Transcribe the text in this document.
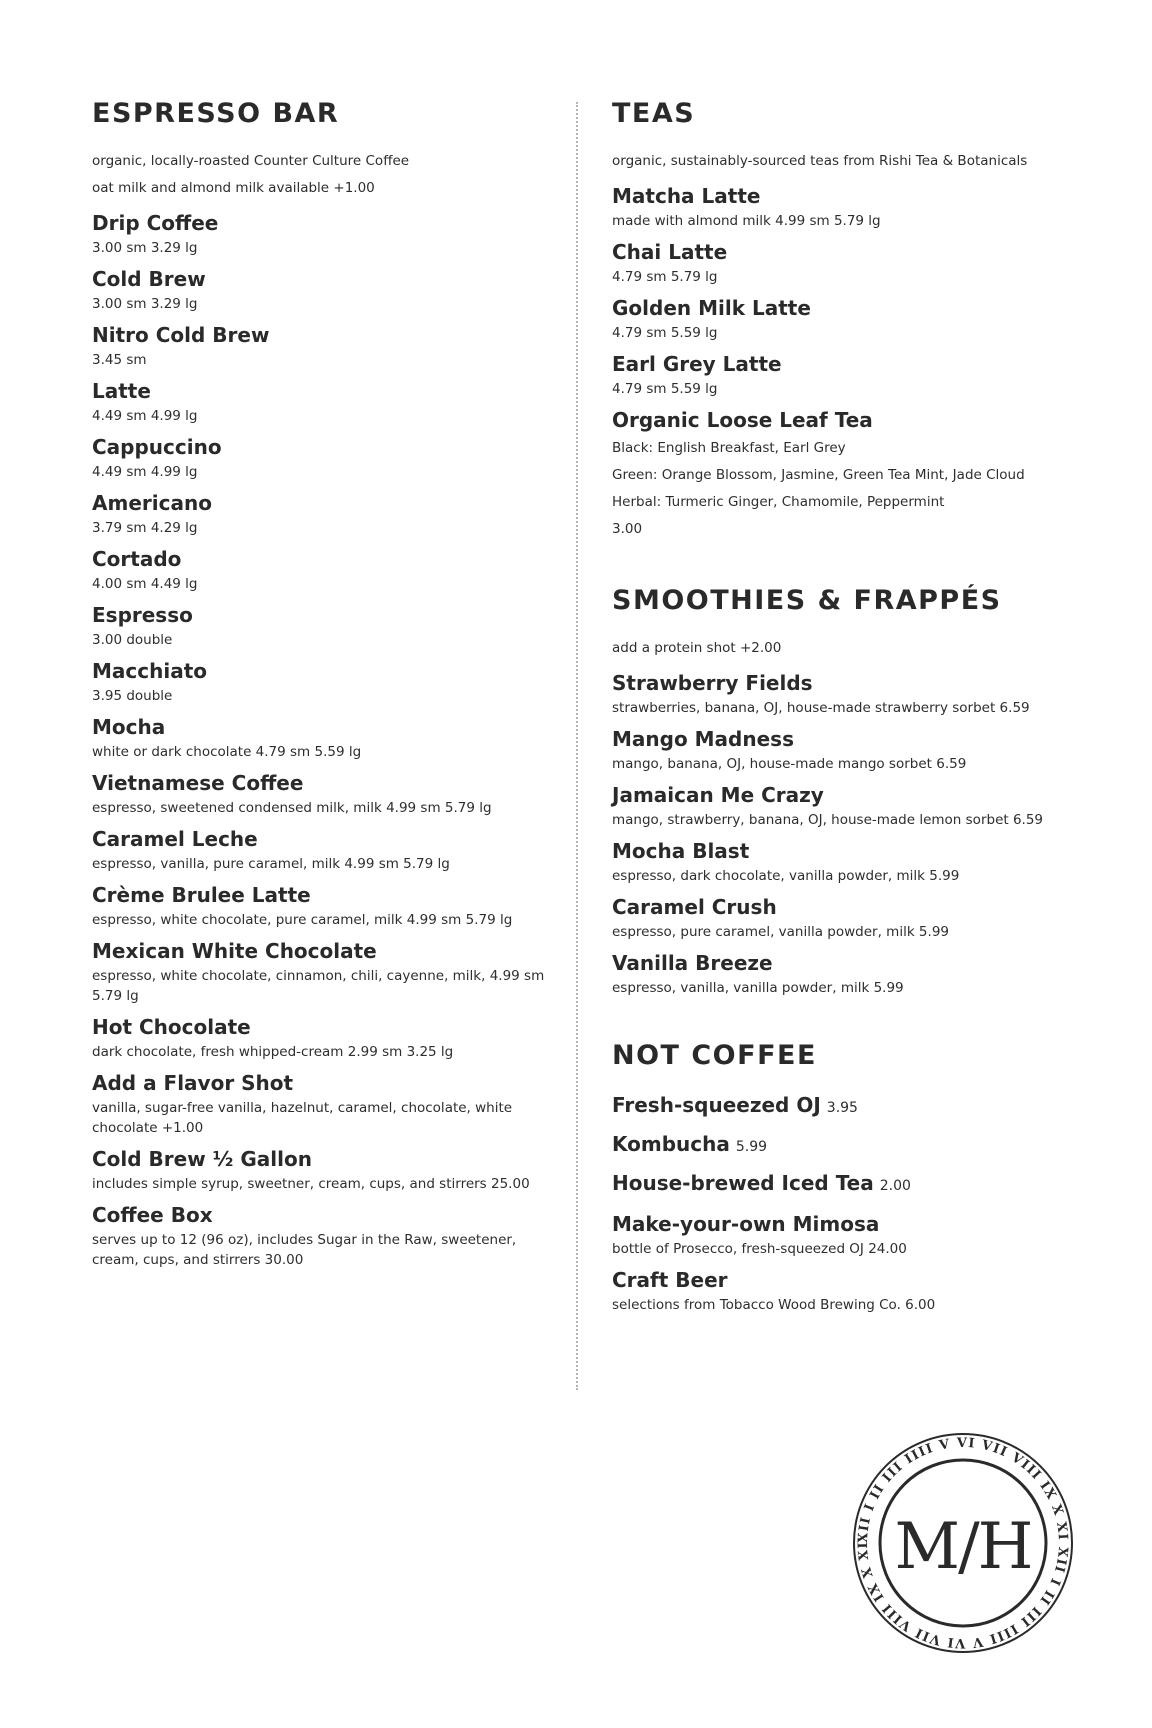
ESPRESSO BAR

organic, locally-roasted Counter Culture Coffee

oat milk and almond milk available +1.00

Drip Coffee

3.00 sm 3.29 lg

Cold Brew

3.00 sm 3.29 lg

Nitro Cold Brew

3.45 sm

Latte

4.49 sm 4.99 lg

Cappuccino

4.49 sm 4.99 lg

Americano

3.79 sm 4.29 lg

Cortado

4.00 sm 4.49 lg

Espresso

3.00 double

Macchiato

3.95 double

Mocha

white or dark chocolate 4.79 sm 5.59 lg

Vietnamese Coffee

espresso, sweetened condensed milk, milk 4.99 sm 5.79 lg

Caramel Leche

espresso, vanilla, pure caramel, milk 4.99 sm 5.79 lg

Crème Brulee Latte

espresso, white chocolate, pure caramel, milk 4.99 sm 5.79 lg

Mexican White Chocolate

espresso, white chocolate, cinnamon, chili, cayenne, milk, 4.99 sm 5.79 lg

Hot Chocolate

dark chocolate, fresh whipped-cream 2.99 sm 3.25 lg

Add a Flavor Shot

vanilla, sugar-free vanilla, hazelnut, caramel, chocolate, white chocolate +1.00

Cold Brew ½ Gallon

includes simple syrup, sweetner, cream, cups, and stirrers 25.00

Coffee Box

serves up to 12 (96 oz), includes Sugar in the Raw, sweetener, cream, cups, and stirrers 30.00

TEAS

organic, sustainably-sourced teas from Rishi Tea & Botanicals

Matcha Latte

made with almond milk 4.99 sm 5.79 lg

Chai Latte

4.79 sm 5.79 lg

Golden Milk Latte

4.79 sm 5.59 lg

Earl Grey Latte

4.79 sm 5.59 lg

Organic Loose Leaf Tea

Black: English Breakfast, Earl Grey

Green: Orange Blossom, Jasmine, Green Tea Mint, Jade Cloud

Herbal: Turmeric Ginger, Chamomile, Peppermint

3.00

SMOOTHIES & FRAPPÉS

add a protein shot +2.00

Strawberry Fields

strawberries, banana, OJ, house-made strawberry sorbet 6.59

Mango Madness

mango, banana, OJ, house-made mango sorbet 6.59

Jamaican Me Crazy

mango, strawberry, banana, OJ, house-made lemon sorbet 6.59

Mocha Blast

espresso, dark chocolate, vanilla powder, milk 5.99

Caramel Crush

espresso, pure caramel, vanilla powder, milk 5.99

Vanilla Breeze

espresso, vanilla, vanilla powder, milk 5.99

NOT COFFEE
Fresh-squeezed OJ 3.95
Kombucha 5.99
House-brewed Iced Tea 2.00

Make-your-own Mimosa

bottle of Prosecco, fresh-squeezed OJ 24.00

Craft Beer

selections from Tobacco Wood Brewing Co. 6.00

XII I II III IIII V VI VII VIII IX X XI XII I II III IIII V VI VII VIII IX X XI M/H
